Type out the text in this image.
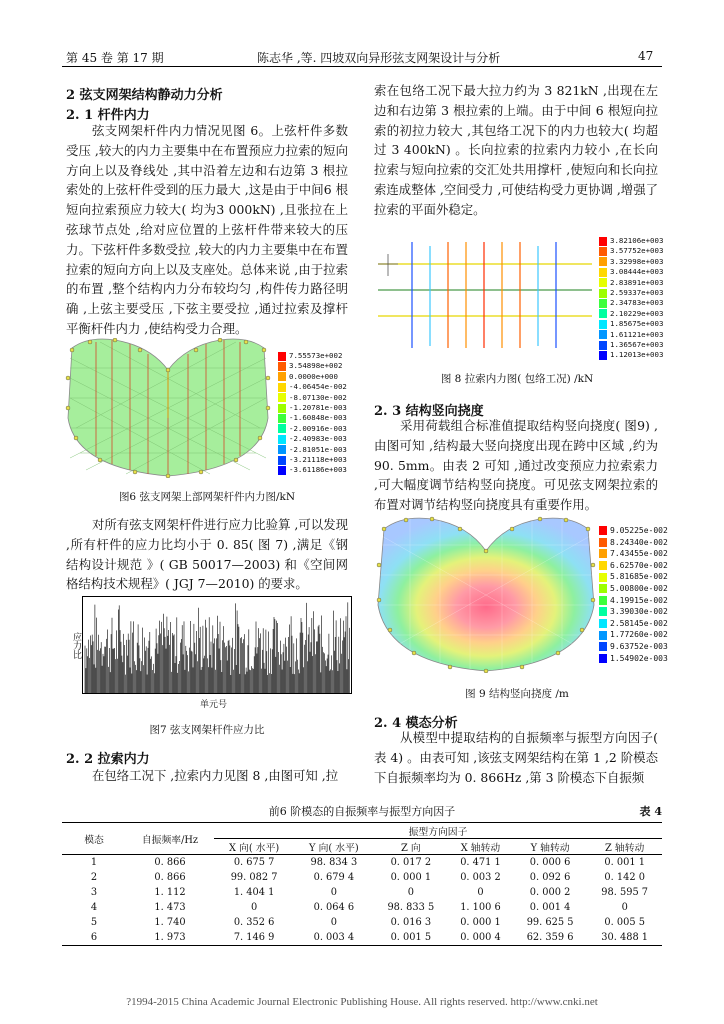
第 45 卷 第 17 期	陈志华 ,等. 四坡双向异形弦支网架设计与分析	47
2 弦支网架结构静动力分析
2. 1 杆件内力
弦支网架杆件内力情况见图 6。上弦杆件多数受压 ,较大的内力主要集中在布置预应力拉索的短向方向上以及脊线处 ,其中沿着左边和右边第 3 根拉索处的上弦杆件受到的压力最大 ,这是由于中间6 根短向拉索预应力较大( 均为3 000kN) ,且张拉在上弦球节点处 ,给对应位置的上弦杆件带来较大的压力。下弦杆件多数受拉 ,较大的内力主要集中在布置拉索的短向方向上以及支座处。总体来说 ,由于拉索的布置 ,整个结构内力分布较均匀 ,构件传力路径明确 ,上弦主要受压 ,下弦主要受拉 ,通过拉索及撑杆平衡杆件内力 ,使结构受力合理。
7.55573e+002
3.54898e+002
0.0000e+000
-4.06454e-002
-8.07130e-002
-1.20781e-003
-1.60848e-003
-2.00916e-003
-2.40983e-003
-2.81051e-003
-3.21118e+003
-3.61186e+003
图6 弦支网架上部网架杆件内力图/kN
对所有弦支网架杆件进行应力比验算 ,可以发现 ,所有杆件的应力比均小于 0. 85( 图 7) ,满足《钢结构设计规范 》( GB 50017—2003) 和《空间网格结构技术规程》( JGJ 7—2010) 的要求。
应力比
单元号
图7 弦支网架杆件应力比
2. 2 拉索内力
在包络工况下 ,拉索内力见图 8 ,由图可知 ,拉
索在包络工况下最大拉力约为 3 821kN ,出现在左边和右边第 3 根拉索的上端。由于中间 6 根短向拉索的初拉力较大 ,其包络工况下的内力也较大( 均超过 3 400kN) 。长向拉索的拉索内力较小 ,在长向拉索与短向拉索的交汇处共用撑杆 ,使短向和长向拉索连成整体 ,空间受力 ,可使结构受力更协调 ,增强了拉索的平面外稳定。
3.82106e+003
3.57752e+003
3.32998e+003
3.08444e+003
2.83891e+003
2.59337e+003
2.34783e+003
2.10229e+003
1.85675e+003
1.61121e+003
1.36567e+003
1.12013e+003
图 8 拉索内力图( 包络工况) /kN
2. 3 结构竖向挠度
采用荷载组合标准值提取结构竖向挠度( 图9) ,由图可知 ,结构最大竖向挠度出现在跨中区域 ,约为 90. 5mm。由表 2 可知 ,通过改变预应力拉索索力 ,可大幅度调节结构竖向挠度。可见弦支网架拉索的布置对调节结构竖向挠度具有重要作用。
9.05225e-002
8.24340e-002
7.43455e-002
6.62570e-002
5.81685e-002
5.00800e-002
4.19915e-002
3.39030e-002
2.58145e-002
1.77260e-002
9.63752e-003
1.54902e-003
图 9 结构竖向挠度 /m
2. 4 模态分析
从模型中提取结构的自振频率与振型方向因子( 表 4) 。由表可知 ,该弦支网架结构在第 1 ,2 阶模态下自振频率均为 0. 866Hz ,第 3 阶模态下自振频
前6 阶模态的自振频率与振型方向因子	表 4
模态	自振频率/Hz	振型方向因子					
		X 向( 水平)	Y 向( 水平)	Z 向	X 轴转动	Y 轴转动	Z 轴转动
1	0. 866	0. 675 7	98. 834 3	0. 017 2	0. 471 1	0. 000 6	0. 001 1
2	0. 866	99. 082 7	0. 679 4	0. 000 1	0. 003 2	0. 092 6	0. 142 0
3	1. 112	1. 404 1	0	0	0	0. 000 2	98. 595 7
4	1. 473	0	0. 064 6	98. 833 5	1. 100 6	0. 001 4	0
5	1. 740	0. 352 6	0	0. 016 3	0. 000 1	99. 625 5	0. 005 5
6	1. 973	7. 146 9	0. 003 4	0. 001 5	0. 000 4	62. 359 6	30. 488 1
?1994-2015 China Academic Journal Electronic Publishing House. All rights reserved. http://www.cnki.net
